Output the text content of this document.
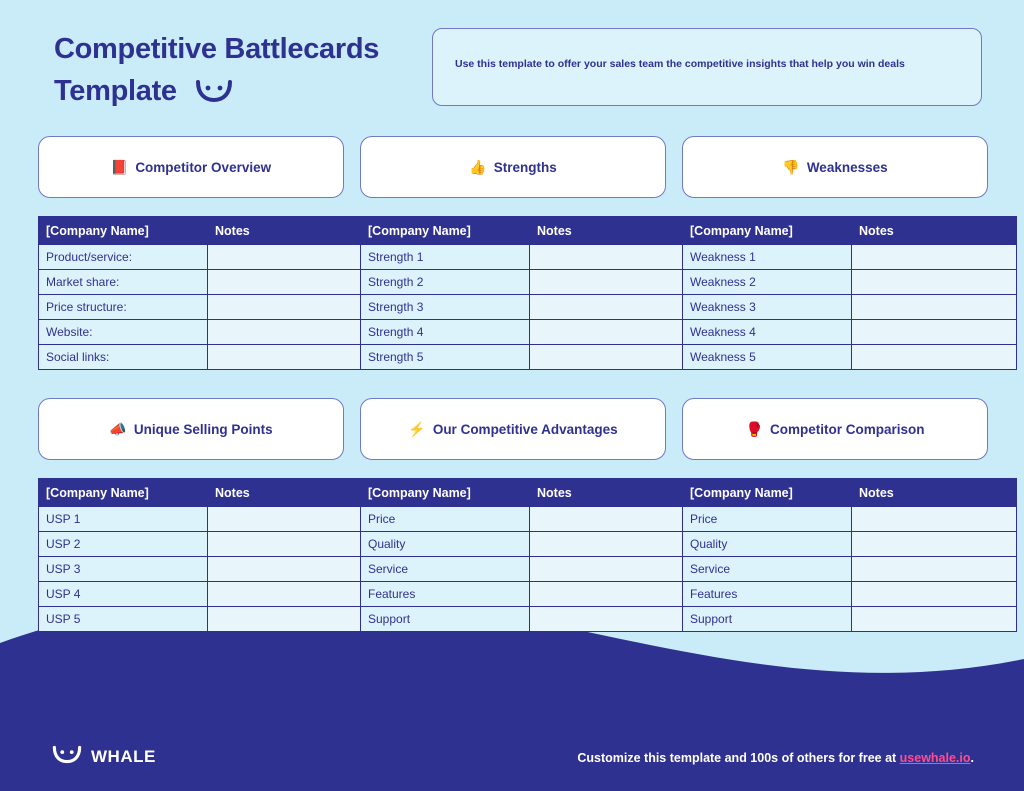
Competitive Battlecards Template
Use this template to offer your sales team the competitive insights that help you win deals
📕 Competitor Overview
[Company Name]	Notes
Product/service:	
Market share:	
Price structure:	
Website:	
Social links:	
👍 Strengths
[Company Name]	Notes
Strength 1	
Strength 2	
Strength 3	
Strength 4	
Strength 5	
👎 Weaknesses
[Company Name]	Notes
Weakness 1	
Weakness 2	
Weakness 3	
Weakness 4	
Weakness 5	
📣 Unique Selling Points
[Company Name]	Notes
USP 1	
USP 2	
USP 3	
USP 4	
USP 5	
⚡ Our Competitive Advantages
[Company Name]	Notes
Price	
Quality	
Service	
Features	
Support	
🥊 Competitor Comparison
[Company Name]	Notes
Price	
Quality	
Service	
Features	
Support	
WHALE	Customize this template and 100s of others for free at usewhale.io.
